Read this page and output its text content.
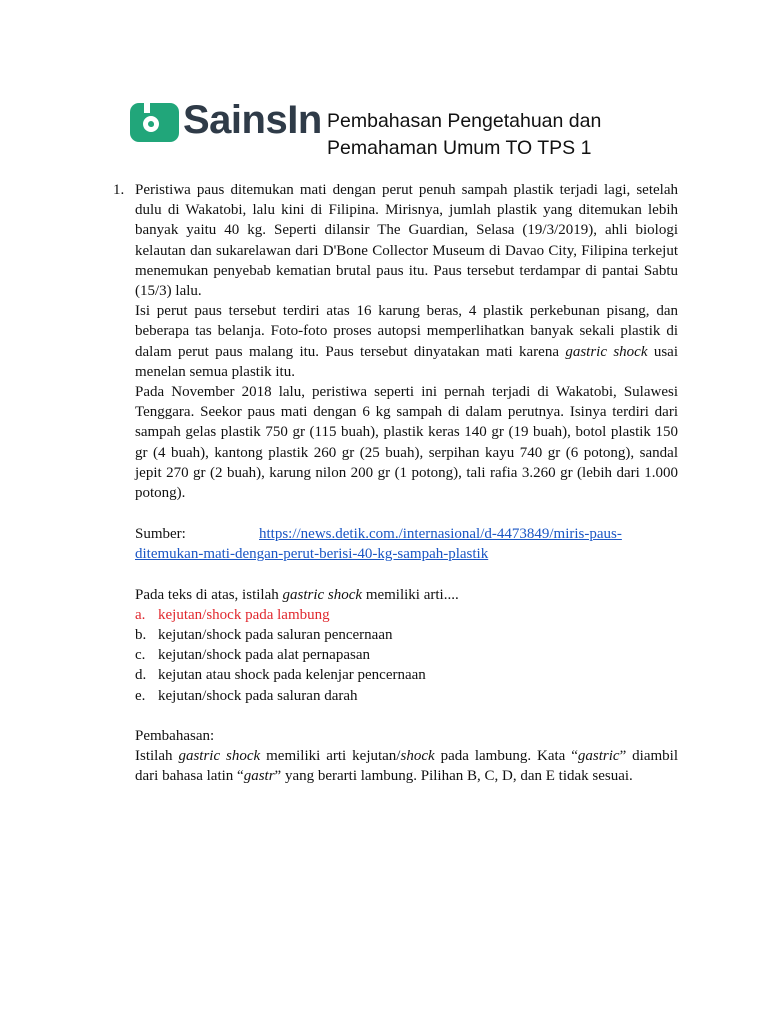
SainsIn Pembahasan Pengetahuan dan
Pemahaman Umum TO TPS 1
1. Peristiwa paus ditemukan mati dengan perut penuh sampah plastik terjadi lagi, setelah dulu di Wakatobi, lalu kini di Filipina. Mirisnya, jumlah plastik yang ditemukan lebih banyak yaitu 40 kg. Seperti dilansir The Guardian, Selasa (19/3/2019), ahli biologi kelautan dan sukarelawan dari D'Bone Collector Museum di Davao City, Filipina terkejut menemukan penyebab kematian brutal paus itu. Paus tersebut terdampar di pantai Sabtu (15/3) lalu.

Isi perut paus tersebut terdiri atas 16 karung beras, 4 plastik perkebunan pisang, dan beberapa tas belanja. Foto-foto proses autopsi memperlihatkan banyak sekali plastik di dalam perut paus malang itu. Paus tersebut dinyatakan mati karena gastric shock usai menelan semua plastik itu.

Pada November 2018 lalu, peristiwa seperti ini pernah terjadi di Wakatobi, Sulawesi Tenggara. Seekor paus mati dengan 6 kg sampah di dalam perutnya. Isinya terdiri dari sampah gelas plastik 750 gr (115 buah), plastik keras 140 gr (19 buah), botol plastik 150 gr (4 buah), kantong plastik 260 gr (25 buah), serpihan kayu 740 gr (6 potong), sandal jepit 270 gr (2 buah), karung nilon 200 gr (1 potong), tali rafia 3.260 gr (lebih dari 1.000 potong).

Sumber:	https://news.detik.com./internasional/d-4473849/miris-paus-
ditemukan-mati-dengan-perut-berisi-40-kg-sampah-plastik

Pada teks di atas, istilah gastric shock memiliki arti....

a. kejutan/shock pada lambung
b. kejutan/shock pada saluran pencernaan
c. kejutan/shock pada alat pernapasan
d. kejutan atau shock pada kelenjar pencernaan
e. kejutan/shock pada saluran darah

Pembahasan:

Istilah gastric shock memiliki arti kejutan/shock pada lambung. Kata “gastric” diambil dari bahasa latin “gastr” yang berarti lambung. Pilihan B, C, D, dan E tidak sesuai.
